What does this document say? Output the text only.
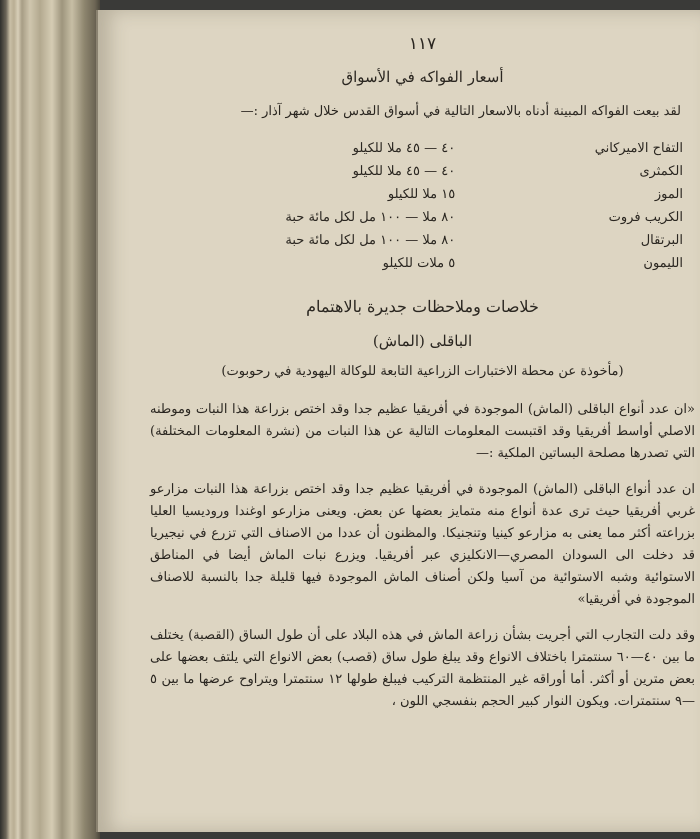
١١٧
أسعار الفواكه في الأسواق
لقد بيعت الفواكه المبينة أدناه بالاسعار التالية في أسواق القدس خلال شهر آذار :—
التفاح الاميركاني	٤٠ — ٤٥ ملا للكيلو
الكمثرى	٤٠ — ٤٥ ملا للكيلو
الموز	١٥ ملا للكيلو
الكريب فروت	٨٠ ملا — ١٠٠ مل لكل مائة حبة
البرتقال	٨٠ ملا — ١٠٠ مل لكل مائة حبة
الليمون	٥ ملات للكيلو
خلاصات وملاحظات جديرة بالاهتمام
الباقلى (الماش)
(مأخوذة عن محطة الاختبارات الزراعية التابعة للوكالة اليهودية في رحوبوت)

«ان عدد أنواع الباقلى (الماش) الموجودة في أفريقيا عظيم جدا وقد اختص بزراعة هذا النبات وموطنه الاصلي أواسط أفريقيا وقد اقتبست المعلومات التالية عن هذا النبات من (نشرة المعلومات المختلفة) التي تصدرها مصلحة البساتين الملكية :—

ان عدد أنواع الباقلى (الماش) الموجودة في أفريقيا عظيم جدا وقد اختص بزراعة هذا النبات مزارعو غربي أفريقيا حيث ترى عدة أنواع منه متمايز بعضها عن بعض. ويعنى مزارعو اوغندا وروديسيا العليا بزراعته أكثر مما يعنى به مزارعو كينيا وتنجنيكا. والمظنون أن عددا من الاصناف التي تزرع في نيجيريا قد دخلت الى السودان المصري—الانكليزي عبر أفريقيا. ويزرع نبات الماش أيضا في المناطق الاستوائية وشبه الاستوائية من آسيا ولكن أصناف الماش الموجودة فيها قليلة جدا بالنسبة للاصناف الموجودة في أفريقيا»

وقد دلت التجارب التي أجريت بشأن زراعة الماش في هذه البلاد على أن طول الساق (القصبة) يختلف ما بين ٤٠—٦٠ سنتمترا باختلاف الانواع وقد يبلغ طول ساق (قصب) بعض الانواع التي يلتف بعضها على بعض مترين أو أكثر. أما أوراقه غير المنتظمة التركيب فيبلغ طولها ١٢ سنتمترا ويتراوح عرضها ما بين ٥—٩ سنتمترات. ويكون النوار كبير الحجم بنفسجي اللون ،
